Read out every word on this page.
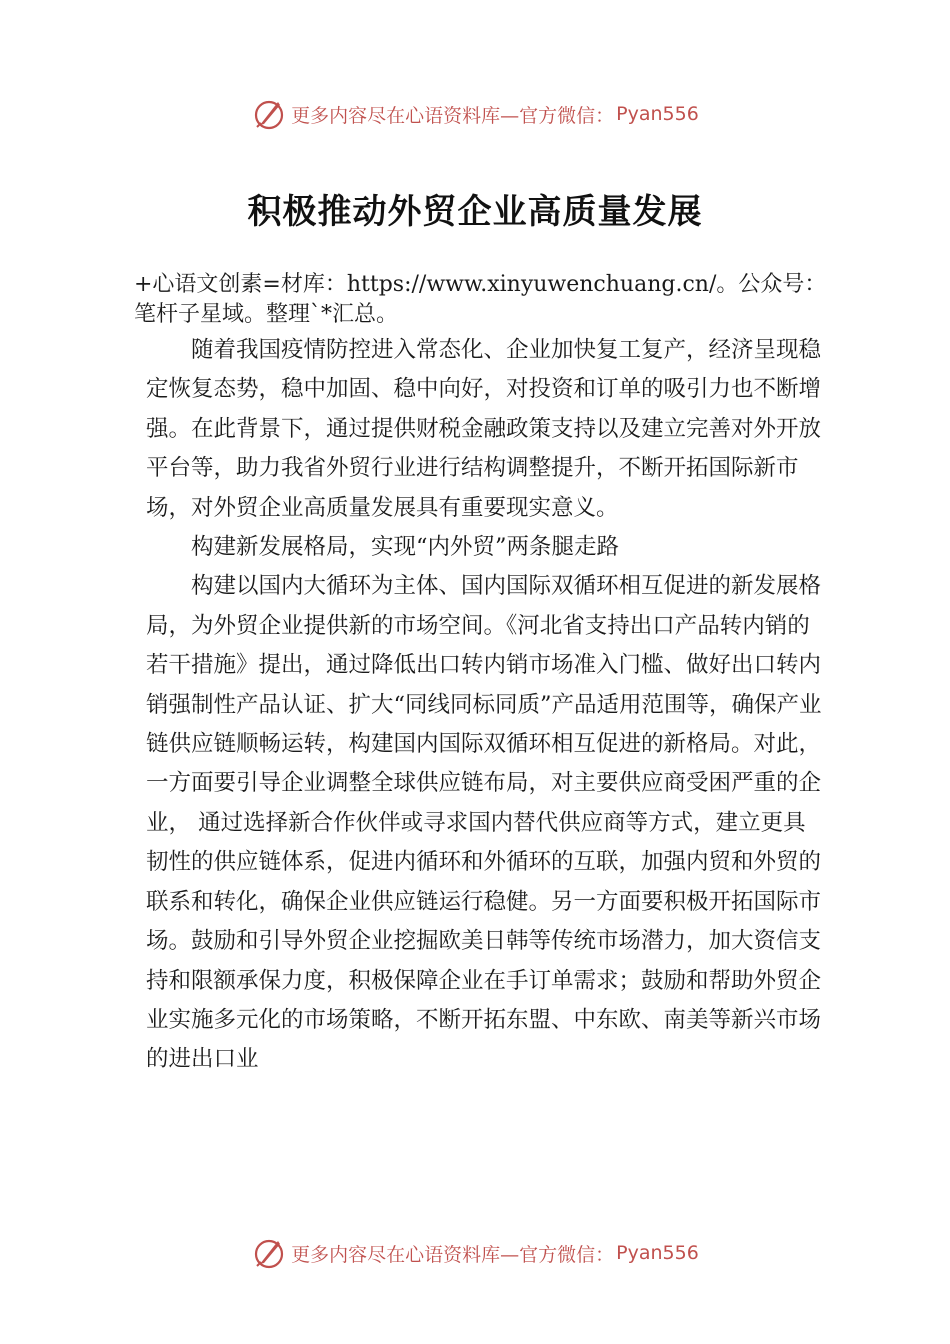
更多内容尽在心语资料库—官方微信： Pyan556
积极推动外贸企业高质量发展
+心语文创素=材库：https://www.xinyuwenchuang.cn/。公众号：笔杆子星域。整理`*汇总。

随着我国疫情防控进入常态化、企业加快复工复产，经济呈现稳定恢复态势，稳中加固、稳中向好，对投资和订单的吸引力也不断增强。在此背景下，通过提供财税金融政策支持以及建立完善对外开放平台等，助力我省外贸行业进行结构调整提升，不断开拓国际新市场，对外贸企业高质量发展具有重要现实意义。

构建新发展格局，实现“内外贸”两条腿走路

构建以国内大循环为主体、国内国际双循环相互促进的新发展格局，为外贸企业提供新的市场空间。《河北省支持出口产品转内销的若干措施》提出，通过降低出口转内销市场准入门槛、做好出口转内销强制性产品认证、扩大“同线同标同质”产品适用范围等，确保产业链供应链顺畅运转，构建国内国际双循环相互促进的新格局。对此，一方面要引导企业调整全球供应链布局，对主要供应商受困严重的企业， 通过选择新合作伙伴或寻求国内替代供应商等方式，建立更具韧性的供应链体系，促进内循环和外循环的互联，加强内贸和外贸的联系和转化，确保企业供应链运行稳健。另一方面要积极开拓国际市场。鼓励和引导外贸企业挖掘欧美日韩等传统市场潜力，加大资信支持和限额承保力度，积极保障企业在手订单需求；鼓励和帮助外贸企业实施多元化的市场策略，不断开拓东盟、中东欧、南美等新兴市场的进出口业

更多内容尽在心语资料库—官方微信： Pyan556
